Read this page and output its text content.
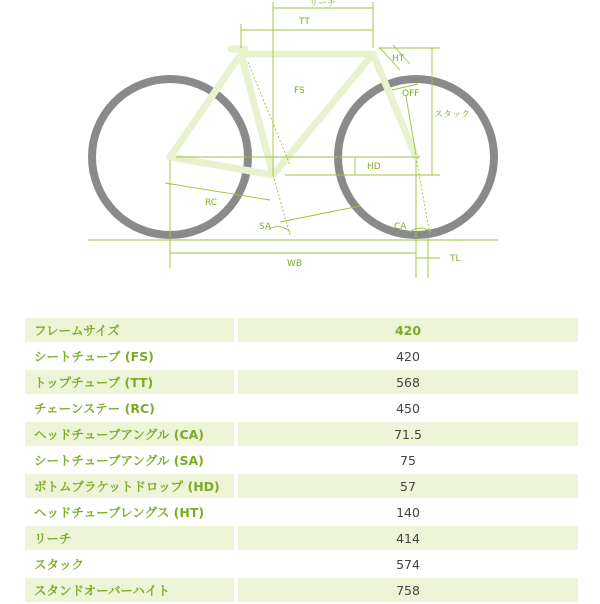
リーチ
TT
HT
FS	OFF
スタック
HD
RC
SA	CA
WB	TL
フレームサイズ		420
シートチューブ (FS)		420
トップチューブ (TT)		568
チェーンステー (RC)		450
ヘッドチューブアングル (CA)		71.5
シートチューブアングル (SA)		75
ボトムブラケットドロップ (HD)		57
ヘッドチューブレングス (HT)		140
リーチ		414
スタック		574
スタンドオーバーハイト		758
